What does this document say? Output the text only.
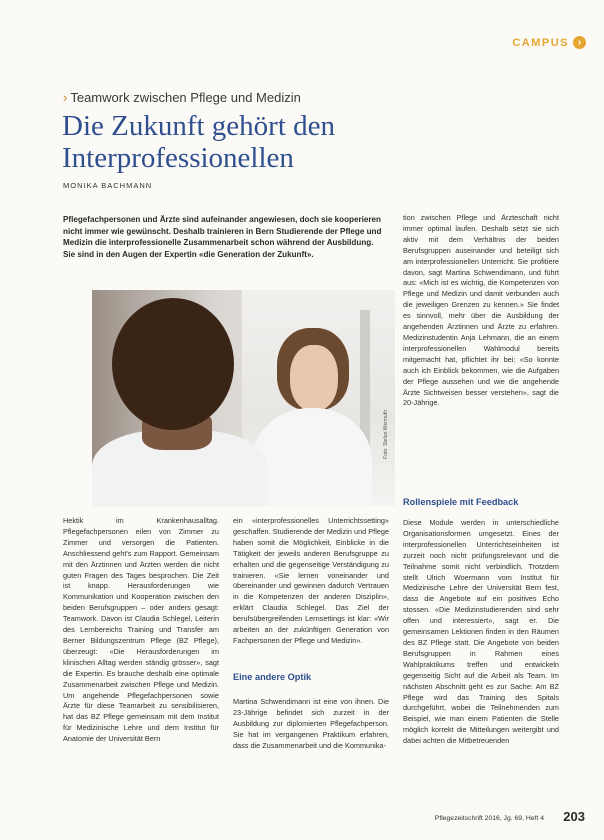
CAMPUS ›
› Teamwork zwischen Pflege und Medizin
Die Zukunft gehört den Interprofessionellen
MONIKA BACHMANN
Pflegefachpersonen und Ärzte sind aufeinander angewiesen, doch sie kooperieren nicht immer wie gewünscht. Deshalb trainieren in Bern Studierende der Pflege und Medizin die interprofessionelle Zusammenarbeit schon während der Ausbildung. Sie sind in den Augen der Expertin «die Generation der Zukunft».
Foto: Stefan Wermuth

Hektik im Krankenhausalltag. Pflegefachpersonen eilen von Zimmer zu Zimmer und versorgen die Patienten. Anschliessend geht's zum Rapport. Gemeinsam mit den Ärztinnen und Ärzten werden die nicht guten Fragen des Tages besprochen. Die Zeit ist knapp. Herausforderungen wie Kommunikation und Kooperation zwischen den beiden Berufsgruppen – oder anders gesagt: Teamwork. Davon ist Claudia Schlegel, Leiterin des Lernbereichs Training und Transfer am Berner Bildungszentrum Pflege (BZ Pflege), überzeugt: «Die Herausforderungen im klinischen Alltag werden ständig grösser», sagt die Expertin. Es brauche deshalb eine optimale Zusammenarbeit zwischen Pflege und Medizin. Um angehende Pflegefachpersonen sowie Ärzte für diese Teamarbeit zu sensibilisieren, hat das BZ Pflege gemeinsam mit dem Institut für Medizinische Lehre und dem Institut für Anatomie der Universität Bern

ein «interprofessionelles Unterrichtssetting» geschaffen. Studierende der Medizin und Pflege haben somit die Möglichkeit, Einblicke in die Tätigkeit der jeweils anderen Berufsgruppe zu erhalten und die gegenseitige Verständigung zu trainieren. «Sie lernen voneinander und übereinander und gewinnen dadurch Vertrauen in die Kompetenzen der anderen Disziplin», erklärt Claudia Schlegel. Das Ziel der berufsübergreifenden Lernsettings ist klar: «Wir arbeiten an der zukünftigen Generation von Fachpersonen der Pflege und Medizin».

Eine andere Optik

Martina Schwendimann ist eine von ihnen. Die 23-Jährige befindet sich zurzeit in der Ausbildung zur diplomierten Pflegefachperson. Sie hat im vergangenen Praktikum erfahren, dass die Zusammenarbeit und die Kommunika-

tion zwischen Pflege und Ärzteschaft nicht immer optimal laufen. Deshalb setzt sie sich aktiv mit dem Verhältnis der beiden Berufsgruppen auseinander und beteiligt sich am interprofessionellen Unterricht. Sie profitiere davon, sagt Martina Schwendimann, und führt aus: «Mich ist es wichtig, die Kompetenzen von Pflege und Medizin und damit verbunden auch die jeweiligen Grenzen zu kennen.» Sie findet es sinnvoll, mehr über die Ausbildung der angehenden Ärztinnen und Ärzte zu erfahren. Medizinstudentin Anja Lehmann, die an einem interprofessionellen Wahlmodul bereits mitgemacht hat, pflichtet ihr bei: «So konnte auch ich Einblick bekommen, wie die Aufgaben der Pflege aussehen und wie die angehende Ärzte Sichtweisen besser verstehen», sagt die 20-Jährige.

Rollenspiele mit Feedback

Diese Module werden in unterschiedliche Organisationsformen umgesetzt. Eines der interprofessionellen Unterrichtseinheiten ist zurzeit noch nicht prüfungsrelevant und die Teilnahme somit nicht verbindlich. Trotzdem stellt Ulrich Woermann vom Institut für Medizinische Lehre der Universität Bern fest, dass die Angebote auf ein positives Echo stossen. «Die Medizinstudierenden sind sehr offen und interessiert», sagt er. Die gemeinsamen Lektionen finden in den Räumen des BZ Pflege statt. Die Angebote von beiden Berufsgruppen in Rahmen eines Wahlpraktikums treffen und entwickeln gegenseitig Sicht auf die Arbeit als Team. Im nächsten Abschnitt geht es zur Sache: Am BZ Pflege wird das Training des Spitals durchgeführt, wobei die Teilnehmenden zum Beispiel, wie man einem Patienten die Stelle möglich korrekt die Mitteilungen weitergibt und dabei achten die Mitbetreuenden

Pflegezeitschrift 2016, Jg. 69, Heft 4 203
